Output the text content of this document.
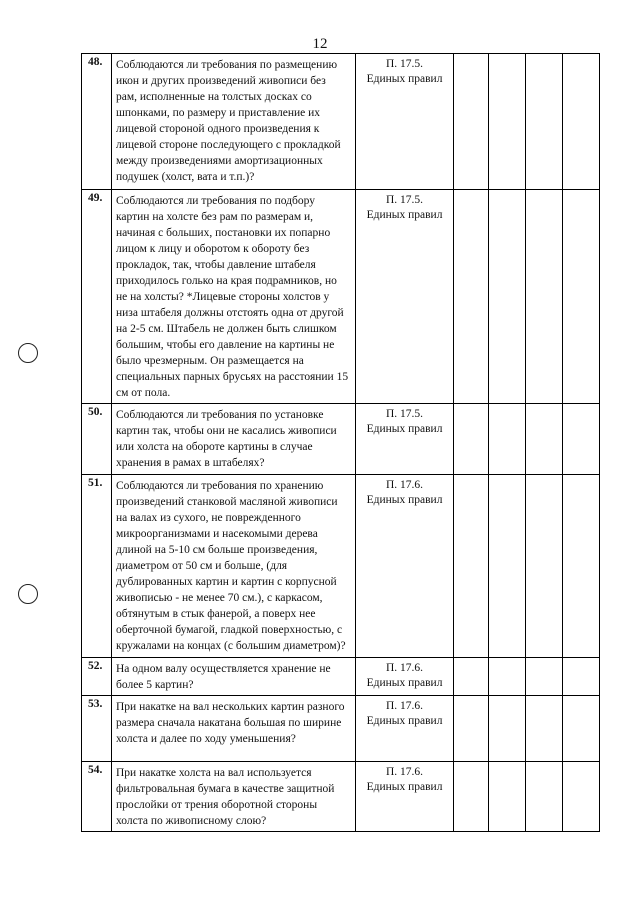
12
48.	Соблюдаются ли требования по размещению икон и других произведений живописи без рам, исполненные на толстых досках со шпонками, по размеру и приставление их лицевой стороной одного произведения к лицевой стороне последующего с прокладкой между произведениями амортизационных подушек (холст, вата и т.п.)?	П. 17.5.
Единых правил				

49.	Соблюдаются ли требования по подбору картин на холсте без рам по размерам и, начиная с больших, постановки их попарно лицом к лицу и оборотом к обороту без прокладок, так, чтобы давление штабеля приходилось голько на края подрамников, но не на холсты? *Лицевые стороны холстов у низа штабеля должны отстоять одна от другой на 2-5 см. Штабель не должен быть слишком большим, чтобы его давление на картины не было чрезмерным. Он размещается на специальных парных брусьях на расстоянии 15 см от пола.	П. 17.5.
Единых правил				

50.	Соблюдаются ли требования по установке картин так, чтобы они не касались живописи или холста на обороте картины в случае хранения в рамах в штабелях?	П. 17.5.
Единых правил				

51.	Соблюдаются ли требования по хранению произведений станковой масляной живописи на валах из сухого, не поврежденного микроорганизмами и насекомыми дерева длиной на 5-10 см больше произведения, диаметром от 50 см и больше, (для дублированных картин и картин с корпусной живописью - не менее 70 см.), с каркасом, обтянутым в стык фанерой, а поверх нее оберточной бумагой, гладкой поверхностью, с кружалами на концах (с большим диаметром)?	П. 17.6.
Единых правил				

52.	На одном валу осуществляется хранение не более 5 картин?	П. 17.6.
Единых правил				

53.	При накатке на вал нескольких картин разного размера сначала накатана большая по ширине холста и далее по ходу уменьшения?	П. 17.6.
Единых правил				

54.	При накатке холста на вал используется фильтровальная бумага в качестве защитной прослойки от трения оборотной стороны холста по живописному слою?	П. 17.6.
Единых правил				
